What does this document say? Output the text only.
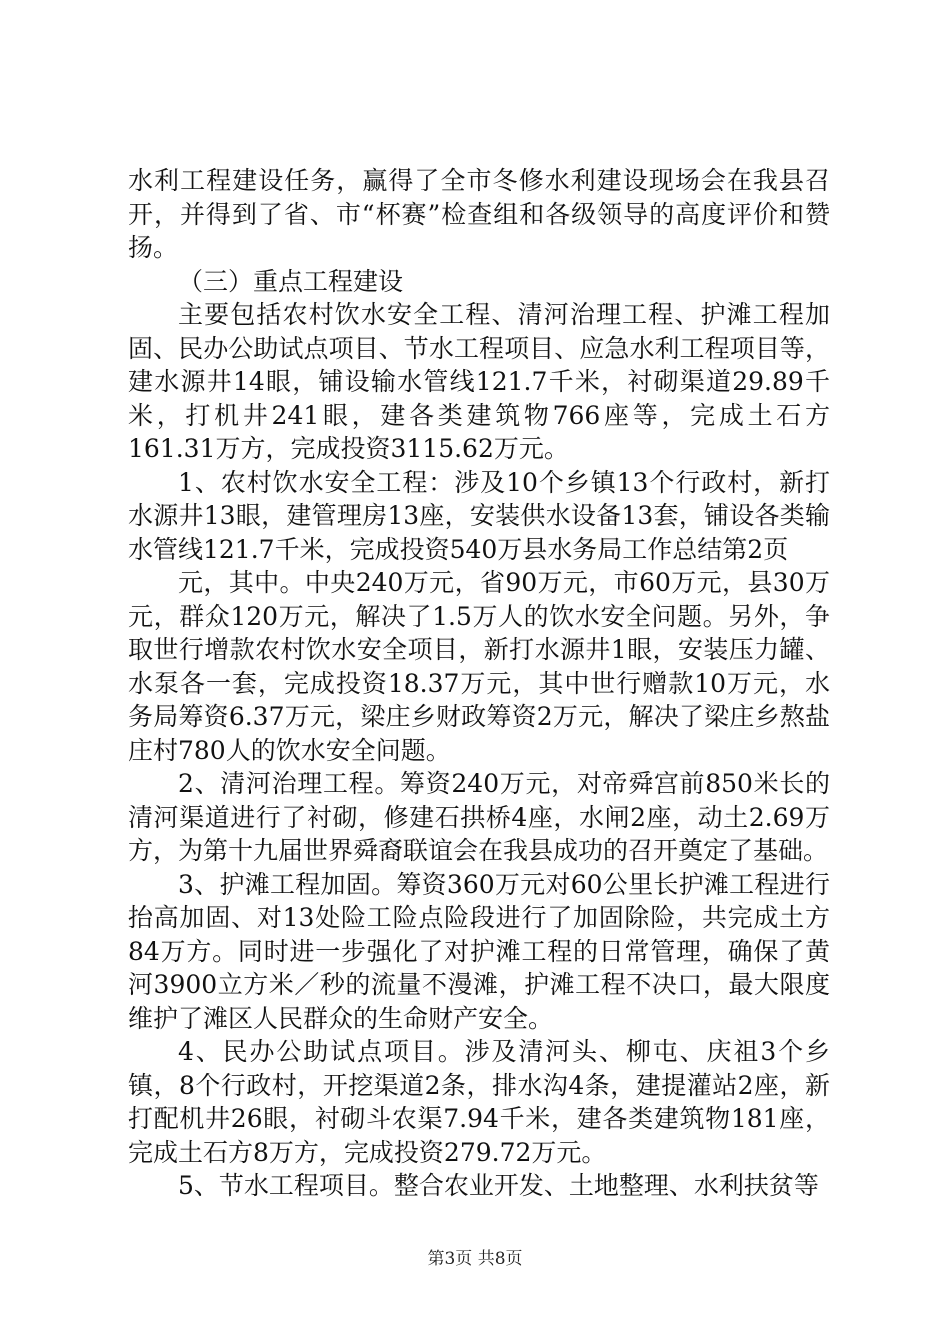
水利工程建设任务，赢得了全市冬修水利建设现场会在我县召开，并得到了省、市“杯赛”检查组和各级领导的高度评价和赞扬。

（三）重点工程建设

主要包括农村饮水安全工程、清河治理工程、护滩工程加固、民办公助试点项目、节水工程项目、应急水利工程项目等，建水源井14眼，铺设输水管线121.7千米，衬砌渠道29.89千米，打机井241眼，建各类建筑物766座等，完成土石方161.31万方，完成投资3115.62万元。

1、农村饮水安全工程：涉及10个乡镇13个行政村，新打水源井13眼，建管理房13座，安装供水设备13套，铺设各类输水管线121.7千米，完成投资540万县水务局工作总结第2页

元，其中。中央240万元，省90万元，市60万元，县30万元，群众120万元，解决了1.5万人的饮水安全问题。另外，争取世行增款农村饮水安全项目，新打水源井1眼，安装压力罐、水泵各一套，完成投资18.37万元，其中世行赠款10万元，水务局筹资6.37万元，梁庄乡财政筹资2万元，解决了梁庄乡熬盐庄村780人的饮水安全问题。

2、清河治理工程。筹资240万元，对帝舜宫前850米长的清河渠道进行了衬砌，修建石拱桥4座，水闸2座，动土2.69万方，为第十九届世界舜裔联谊会在我县成功的召开奠定了基础。

3、护滩工程加固。筹资360万元对60公里长护滩工程进行抬高加固、对13处险工险点险段进行了加固除险，共完成土方84万方。同时进一步强化了对护滩工程的日常管理，确保了黄河3900立方米／秒的流量不漫滩，护滩工程不决口，最大限度维护了滩区人民群众的生命财产安全。

4、民办公助试点项目。涉及清河头、柳屯、庆祖3个乡镇，8个行政村，开挖渠道2条，排水沟4条，建提灌站2座，新打配机井26眼，衬砌斗农渠7.94千米，建各类建筑物181座，完成土石方8万方，完成投资279.72万元。

5、节水工程项目。整合农业开发、土地整理、水利扶贫等

第3页 共8页
